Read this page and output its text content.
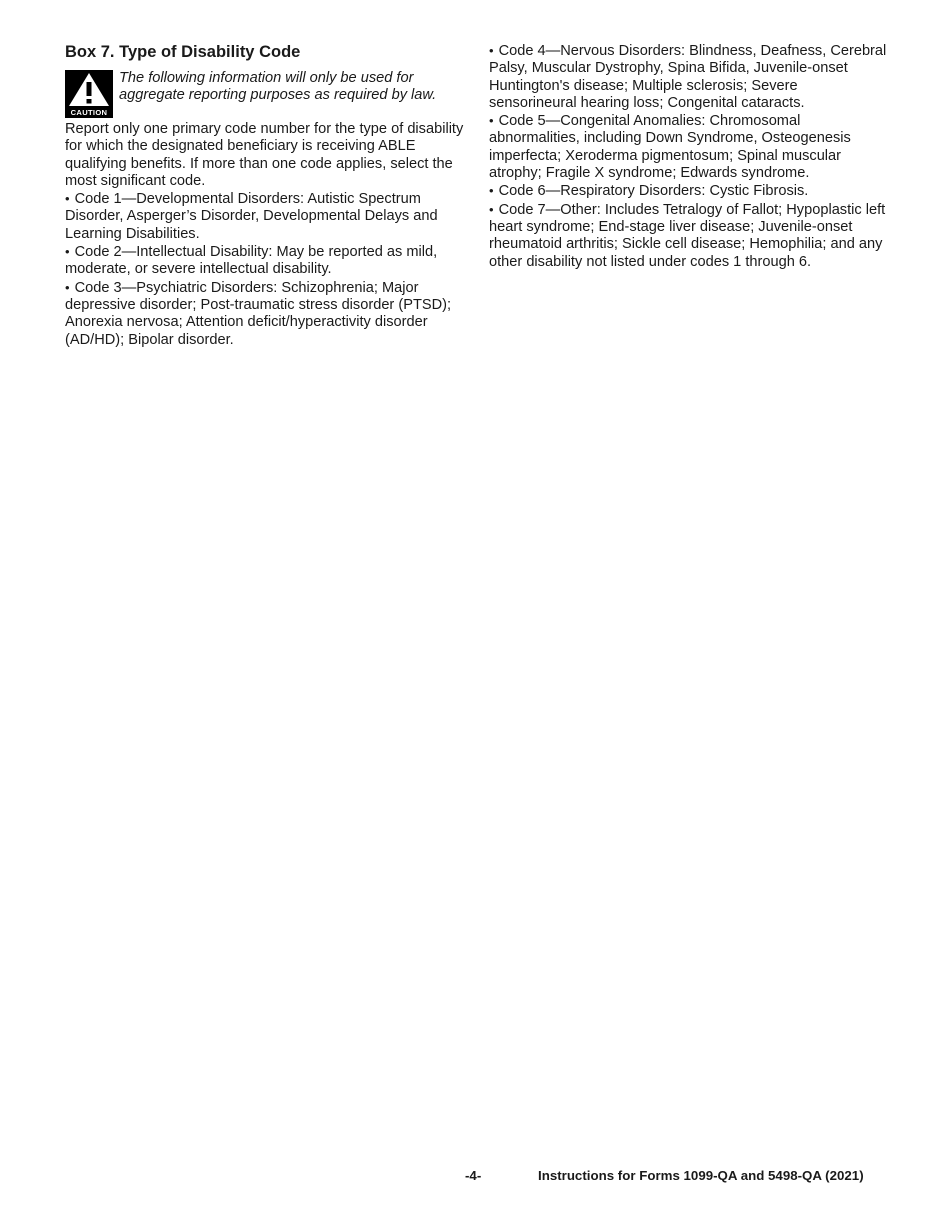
Box 7. Type of Disability Code
CAUTION
The following information will only be used for aggregate reporting purposes as required by law.

Report only one primary code number for the type of disability for which the designated beneficiary is receiving ABLE qualifying benefits. If more than one code applies, select the most significant code.

• Code 1—Developmental Disorders: Autistic Spectrum Disorder, Asperger’s Disorder, Developmental Delays and Learning Disabilities.

• Code 2—Intellectual Disability: May be reported as mild, moderate, or severe intellectual disability.

• Code 3—Psychiatric Disorders: Schizophrenia; Major depressive disorder; Post-traumatic stress disorder (PTSD); Anorexia nervosa; Attention deficit/hyperactivity disorder (AD/HD); Bipolar disorder.

• Code 4—Nervous Disorders: Blindness, Deafness, Cerebral Palsy, Muscular Dystrophy, Spina Bifida, Juvenile-onset Huntington's disease; Multiple sclerosis; Severe sensorineural hearing loss; Congenital cataracts.

• Code 5—Congenital Anomalies: Chromosomal abnormalities, including Down Syndrome, Osteogenesis imperfecta; Xeroderma pigmentosum; Spinal muscular atrophy; Fragile X syndrome; Edwards syndrome.

• Code 6—Respiratory Disorders: Cystic Fibrosis.

• Code 7—Other: Includes Tetralogy of Fallot; Hypoplastic left heart syndrome; End-stage liver disease; Juvenile-onset rheumatoid arthritis; Sickle cell disease; Hemophilia; and any other disability not listed under codes 1 through 6.

-4-	Instructions for Forms 1099-QA and 5498-QA (2021)
